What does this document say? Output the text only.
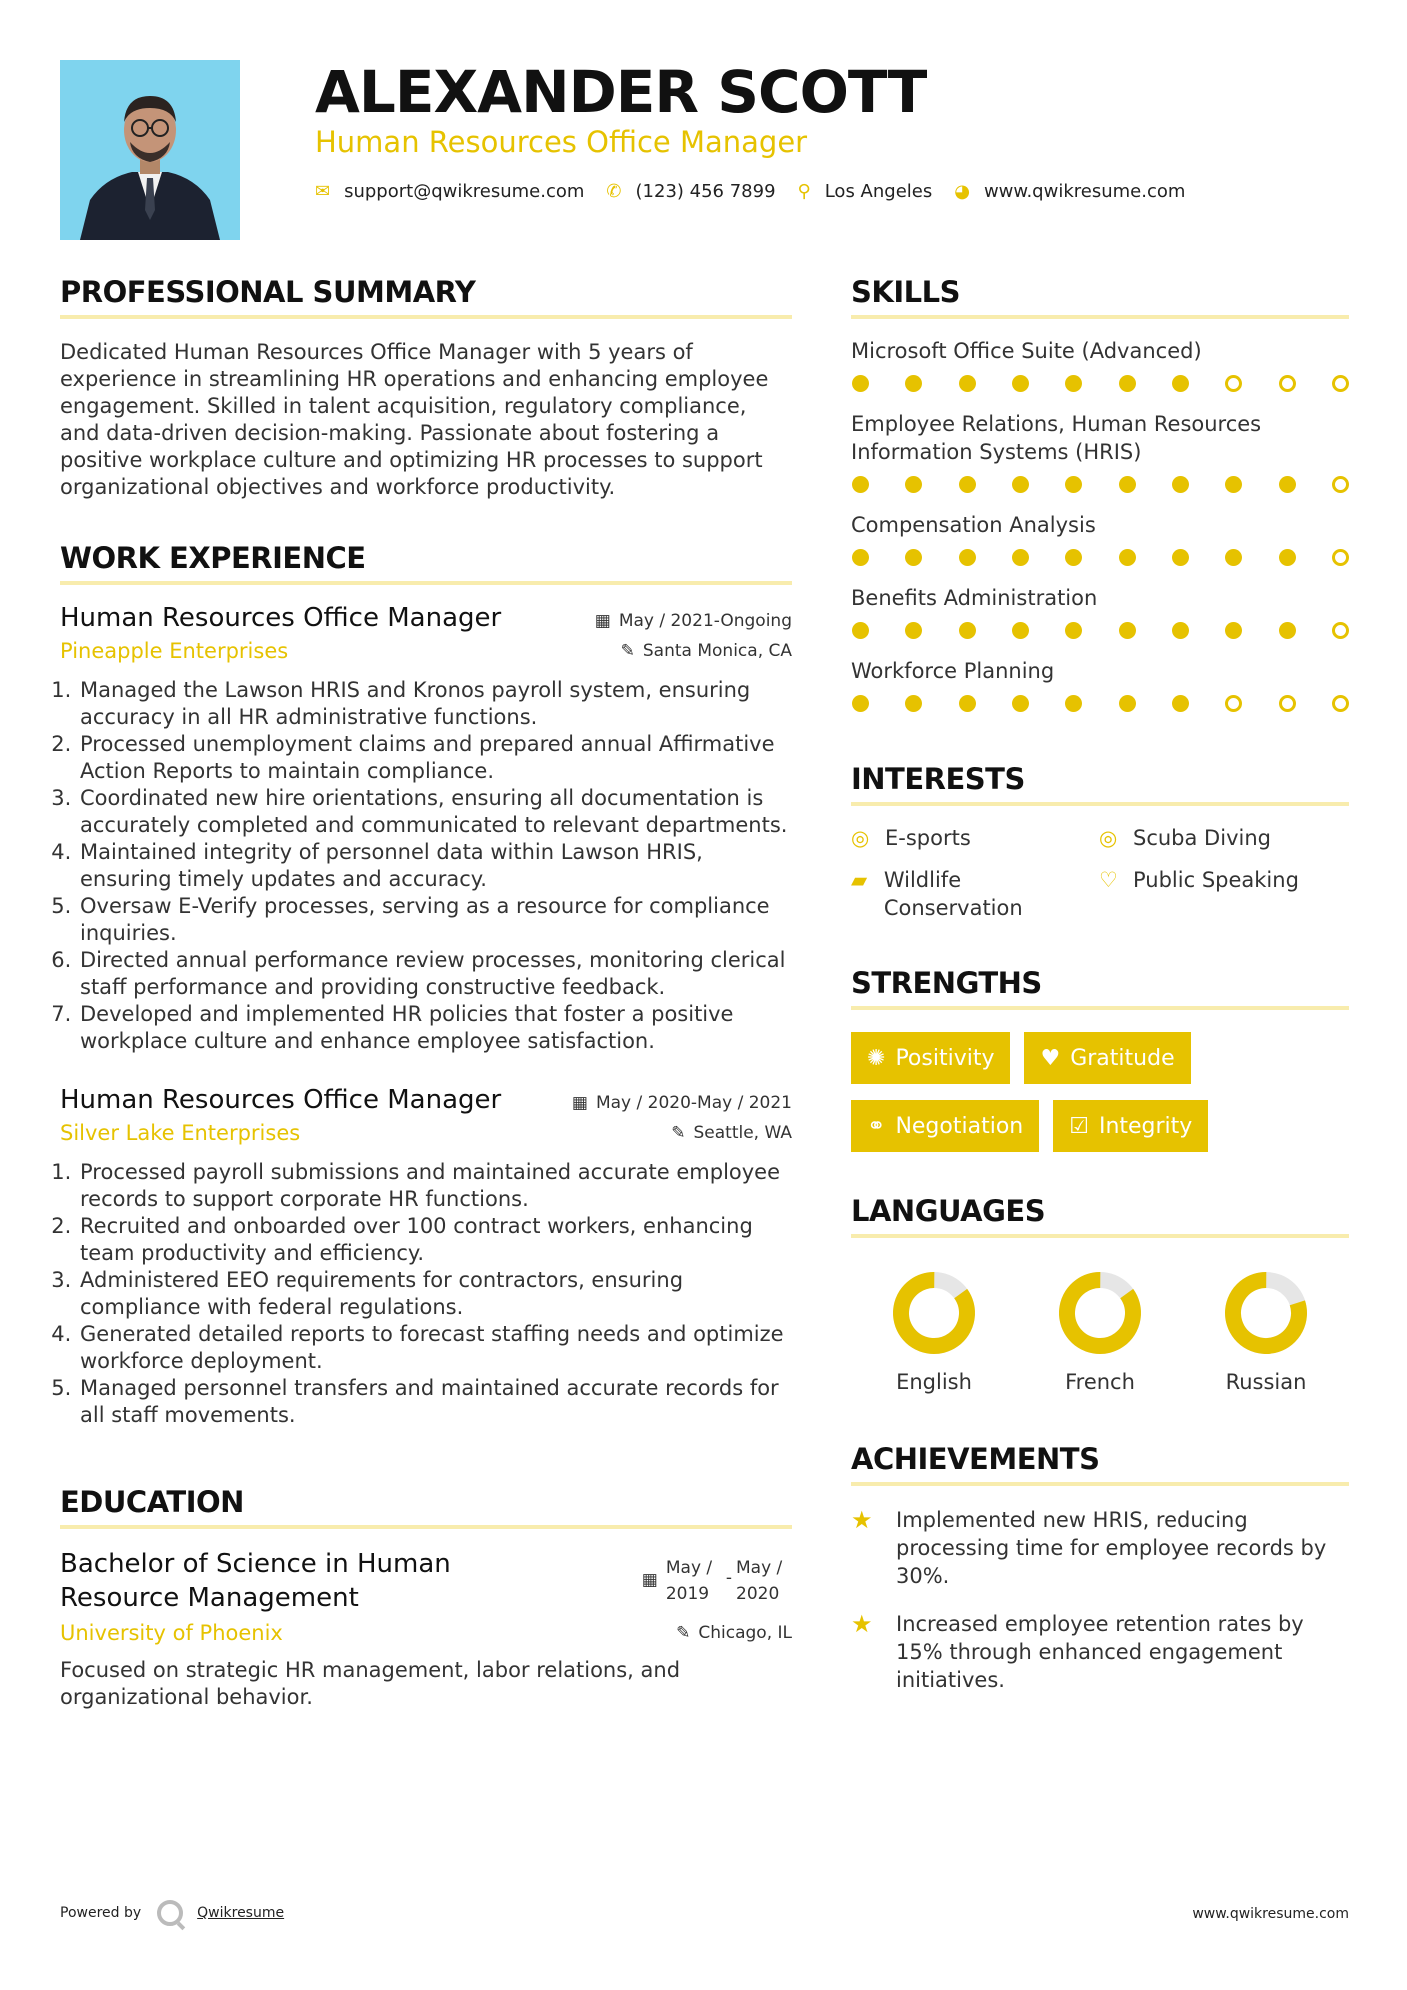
ALEXANDER SCOTT
Human Resources Office Manager
✉ support@qwikresume.com ✆ (123) 456 7899 ⚲ Los Angeles ◕ www.qwikresume.com
PROFESSIONAL SUMMARY
Dedicated Human Resources Office Manager with 5 years of experience in streamlining HR operations and enhancing employee engagement. Skilled in talent acquisition, regulatory compliance, and data-driven decision-making. Passionate about fostering a positive workplace culture and optimizing HR processes to support organizational objectives and workforce productivity.
WORK EXPERIENCE
Human Resources Office Manager	▦ May / 2021-Ongoing
Pineapple Enterprises	✎ Santa Monica, CA
1. Managed the Lawson HRIS and Kronos payroll system, ensuring accuracy in all HR administrative functions.
2. Processed unemployment claims and prepared annual Affirmative Action Reports to maintain compliance.
3. Coordinated new hire orientations, ensuring all documentation is accurately completed and communicated to relevant departments.
4. Maintained integrity of personnel data within Lawson HRIS, ensuring timely updates and accuracy.
5. Oversaw E-Verify processes, serving as a resource for compliance inquiries.
6. Directed annual performance review processes, monitoring clerical staff performance and providing constructive feedback.
7. Developed and implemented HR policies that foster a positive workplace culture and enhance employee satisfaction.
Human Resources Office Manager	▦ May / 2020-May / 2021
Silver Lake Enterprises	✎ Seattle, WA
1. Processed payroll submissions and maintained accurate employee records to support corporate HR functions.
2. Recruited and onboarded over 100 contract workers, enhancing team productivity and efficiency.
3. Administered EEO requirements for contractors, ensuring compliance with federal regulations.
4. Generated detailed reports to forecast staffing needs and optimize workforce deployment.
5. Managed personnel transfers and maintained accurate records for all staff movements.
EDUCATION
Bachelor of Science in Human Resource Management
▦
May / 2019
- May / 2020
University of Phoenix	✎ Chicago, IL
Focused on strategic HR management, labor relations, and organizational behavior.
SKILLS
Microsoft Office Suite (Advanced)
Employee Relations, Human Resources Information Systems (HRIS)
Compensation Analysis
Benefits Administration
Workforce Planning
INTERESTS
◎ E-sports	◎ Scuba Diving
▰ Wildlife Conservation
♡ Public Speaking
STRENGTHS
✺ Positivity ♥ Gratitude
⚭ Negotiation ☑ Integrity
LANGUAGES
English	French	Russian
ACHIEVEMENTS
★	Implemented new HRIS, reducing processing time for employee records by 30%.
★	Increased employee retention rates by 15% through enhanced engagement initiatives.
Powered by	Qwikresume	www.qwikresume.com
